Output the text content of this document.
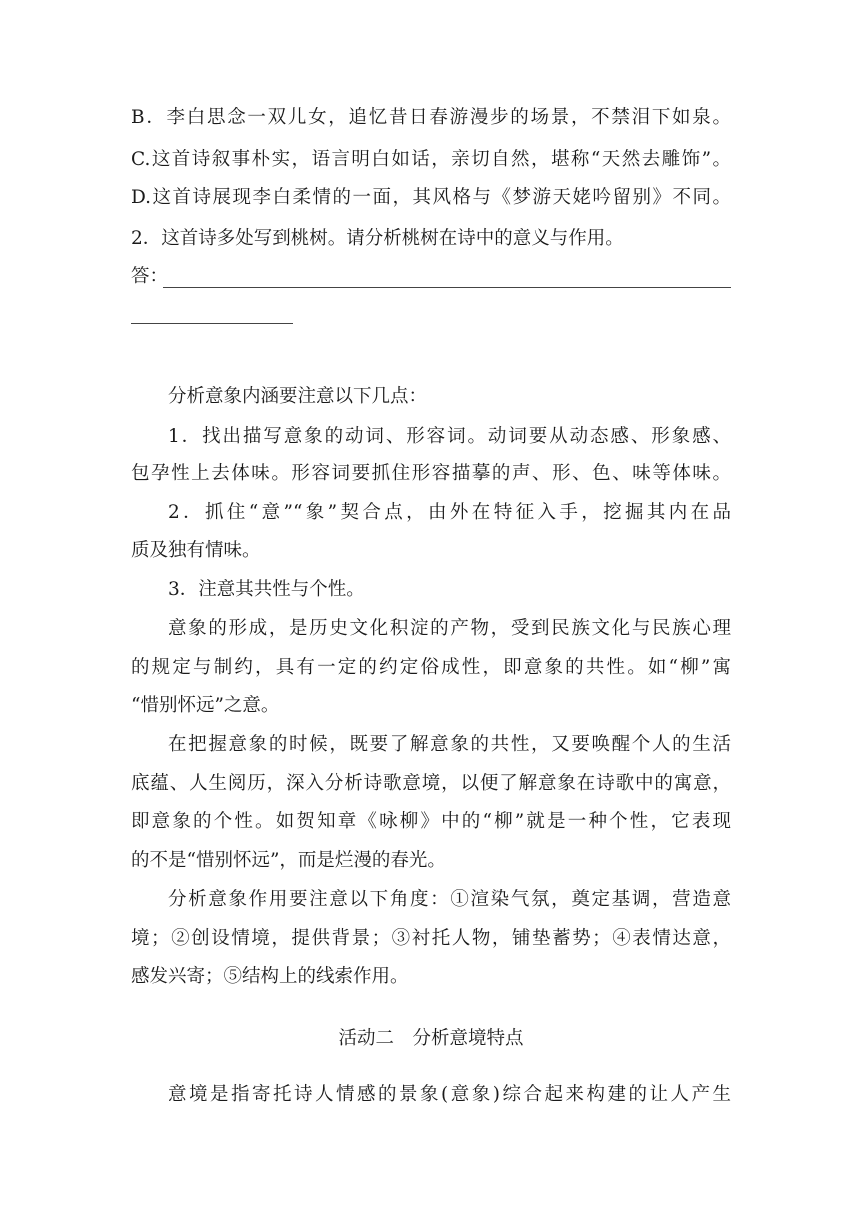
B．李白思念一双儿女，追忆昔日春游漫步的场景，不禁泪下如泉。
C.这首诗叙事朴实，语言明白如话，亲切自然，堪称“天然去雕饰”。
D.这首诗展现李白柔情的一面，其风格与《梦游天姥吟留别》不同。
2．这首诗多处写到桃树。请分析桃树在诗中的意义与作用。
答：
分析意象内涵要注意以下几点：
1．找出描写意象的动词、形容词。动词要从动态感、形象感、
包孕性上去体味。形容词要抓住形容描摹的声、形、色、味等体味。
2．抓住“意”“象”契合点，由外在特征入手，挖掘其内在品
质及独有情味。
3．注意其共性与个性。
意象的形成，是历史文化积淀的产物，受到民族文化与民族心理
的规定与制约，具有一定的约定俗成性，即意象的共性。如“柳”寓
“惜别怀远”之意。
在把握意象的时候，既要了解意象的共性，又要唤醒个人的生活
底蕴、人生阅历，深入分析诗歌意境，以便了解意象在诗歌中的寓意，
即意象的个性。如贺知章《咏柳》中的“柳”就是一种个性，它表现
的不是“惜别怀远”，而是烂漫的春光。
分析意象作用要注意以下角度：①渲染气氛，奠定基调，营造意
境；②创设情境，提供背景；③衬托人物，铺垫蓄势；④表情达意，
感发兴寄；⑤结构上的线索作用。
活动二　分析意境特点
意境是指寄托诗人情感的景象(意象)综合起来构建的让人产生
